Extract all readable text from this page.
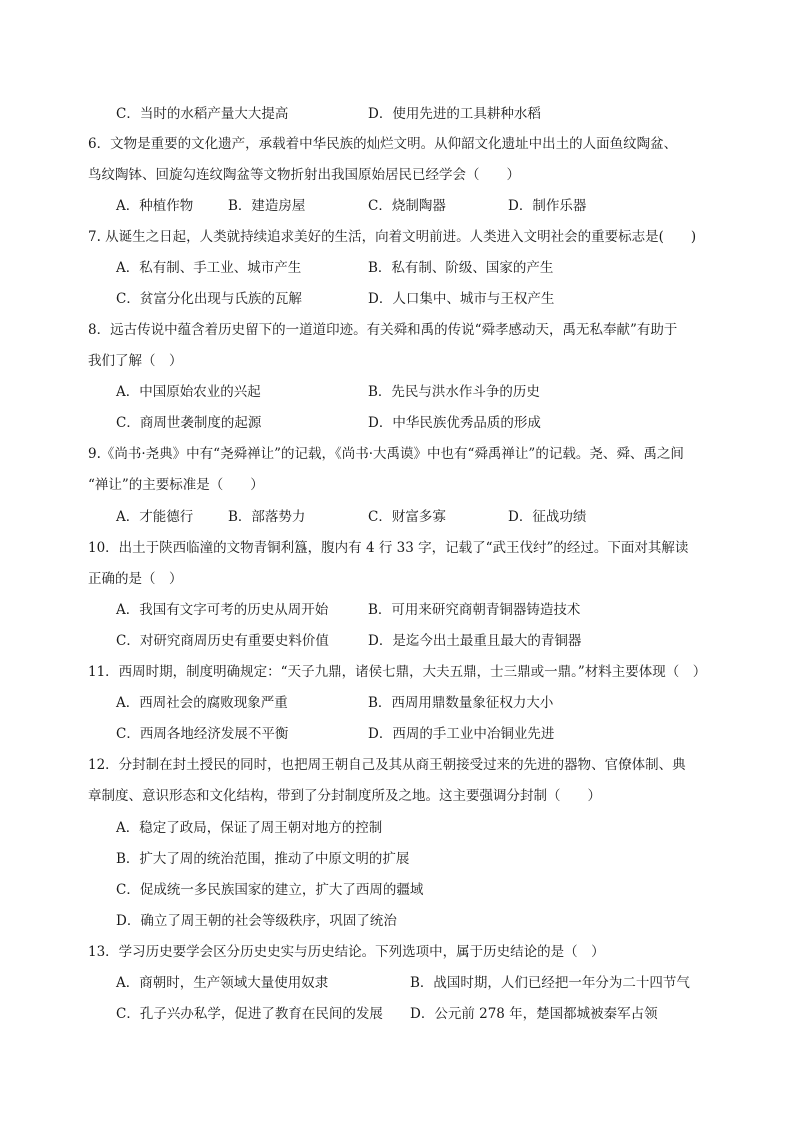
C．当时的水稻产量大大提高	D．使用先进的工具耕种水稻
6．文物是重要的文化遗产，承载着中华民族的灿烂文明。从仰韶文化遗址中出土的人面鱼纹陶盆、
鸟纹陶钵、回旋勾连纹陶盆等文物折射出我国原始居民已经学会（　　）
A．种植作物	B．建造房屋	C．烧制陶器	D．制作乐器
7. 从诞生之日起，人类就持续追求美好的生活，向着文明前进。人类进入文明社会的重要标志是(　　)
A．私有制、手工业、城市产生	B．私有制、阶级、国家的产生
C．贫富分化出现与氏族的瓦解	D．人口集中、城市与王权产生
8．远古传说中蕴含着历史留下的一道道印迹。有关舜和禹的传说“舜孝感动天，禹无私奉献”有助于
我们了解（　）
A．中国原始农业的兴起	B．先民与洪水作斗争的历史
C．商周世袭制度的起源	D．中华民族优秀品质的形成
9.《尚书·尧典》中有“尧舜禅让”的记载，《尚书·大禹谟》中也有“舜禹禅让”的记载。尧、舜、禹之间
“禅让”的主要标准是（　　）
A．才能德行	B．部落势力	C．财富多寡	D．征战功绩
10．出土于陕西临潼的文物青铜利簋，腹内有 4 行 33 字，记载了“武王伐纣”的经过。下面对其解读
正确的是（　）
A．我国有文字可考的历史从周开始	B．可用来研究商朝青铜器铸造技术
C．对研究商周历史有重要史料价值	D．是迄今出土最重且最大的青铜器
11．西周时期，制度明确规定：“天子九鼎，诸侯七鼎，大夫五鼎，士三鼎或一鼎。”材料主要体现（　）
A．西周社会的腐败现象严重	B．西周用鼎数量象征权力大小
C．西周各地经济发展不平衡	D．西周的手工业中冶铜业先进
12．分封制在封土授民的同时，也把周王朝自己及其从商王朝接受过来的先进的器物、官僚体制、典
章制度、意识形态和文化结构，带到了分封制度所及之地。这主要强调分封制（　　）
A．稳定了政局，保证了周王朝对地方的控制
B．扩大了周的统治范围，推动了中原文明的扩展
C．促成统一多民族国家的建立，扩大了西周的疆域
D．确立了周王朝的社会等级秩序，巩固了统治
13．学习历史要学会区分历史史实与历史结论。下列选项中，属于历史结论的是（　）
A．商朝时，生产领域大量使用奴隶	B．战国时期，人们已经把一年分为二十四节气
C．孔子兴办私学，促进了教育在民间的发展 D．公元前 278 年，楚国都城被秦军占领
